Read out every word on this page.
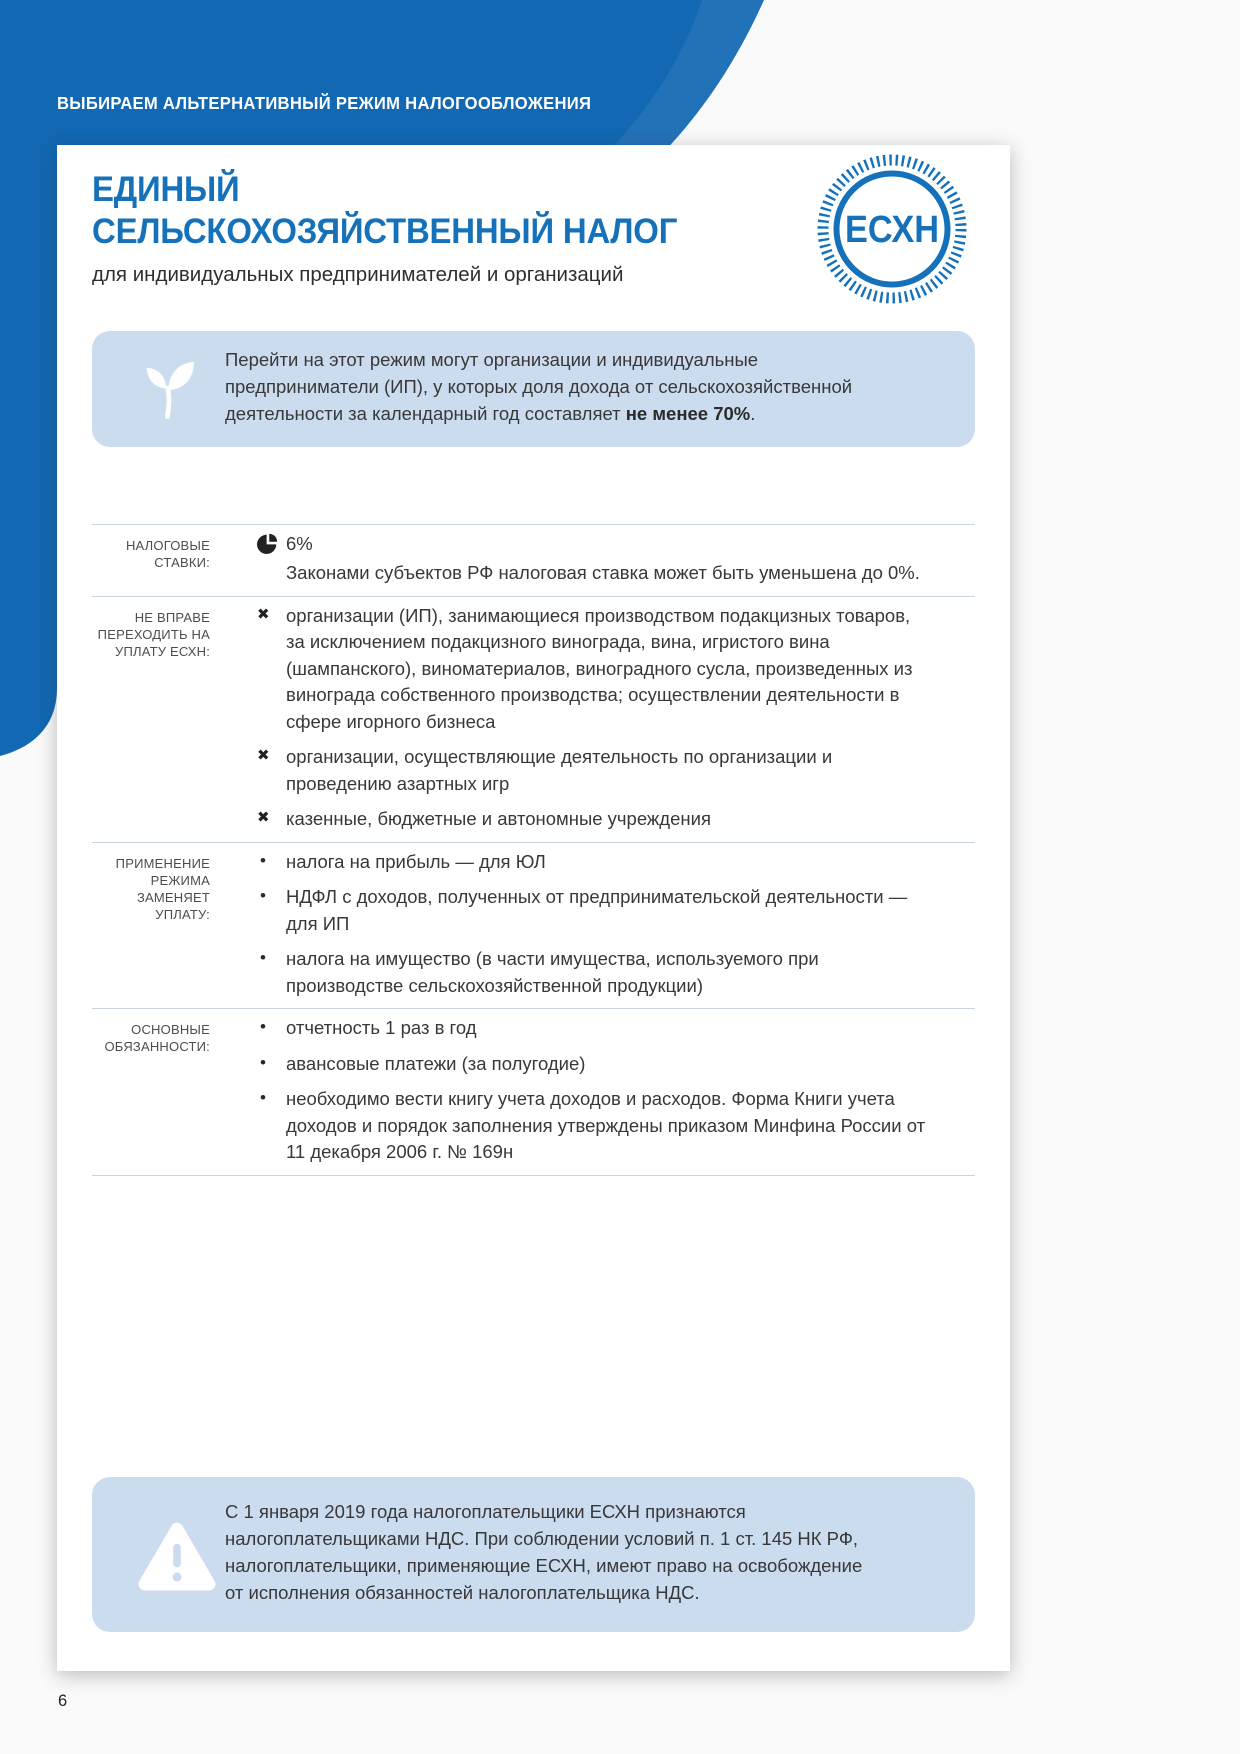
ВЫБИРАЕМ АЛЬТЕРНАТИВНЫЙ РЕЖИМ НАЛОГООБЛОЖЕНИЯ
ЕДИНЫЙ
СЕЛЬСКОХОЗЯЙСТВЕННЫЙ НАЛОГ
для индивидуальных предпринимателей и организаций
ЕСХН
Перейти на этот режим могут организации и индивидуальные предприниматели (ИП), у которых доля дохода от сельскохозяйственной деятельности за календарный год составляет не менее 70%.
НАЛОГОВЫЕ СТАВКИ:
6%
Законами субъектов РФ налоговая ставка может быть уменьшена до 0%.
НЕ ВПРАВЕ ПЕРЕХОДИТЬ НА УПЛАТУ ЕСХН:
✖ организации (ИП), занимающиеся производством подакцизных товаров, за исключением подакцизного винограда, вина, игристого вина (шампанского), виноматериалов, виноградного сусла, произведенных из винограда собственного производства; осуществлении деятельности в сфере игорного бизнеса
✖ организации, осуществляющие деятельность по организации и проведению азартных игр
✖ казенные, бюджетные и автономные учреждения
ПРИМЕНЕНИЕ РЕЖИМА ЗАМЕНЯЕТ УПЛАТУ:
•	налога на прибыль — для ЮЛ
•	НДФЛ с доходов, полученных от предпринимательской деятельности — для ИП
•	налога на имущество (в части имущества, используемого при производстве сельскохозяйственной продукции)
ОСНОВНЫЕ ОБЯЗАННОСТИ:
•	отчетность 1 раз в год
•	авансовые платежи (за полугодие)
•	необходимо вести книгу учета доходов и расходов. Форма Книги учета доходов и порядок заполнения утверждены приказом Минфина России от 11 декабря 2006 г. № 169н
С 1 января 2019 года налогоплательщики ЕСХН признаются налогоплательщиками НДС. При соблюдении условий п. 1 ст. 145 НК РФ, налогоплательщики, применяющие ЕСХН, имеют право на освобождение от исполнения обязанностей налогоплательщика НДС.
6
